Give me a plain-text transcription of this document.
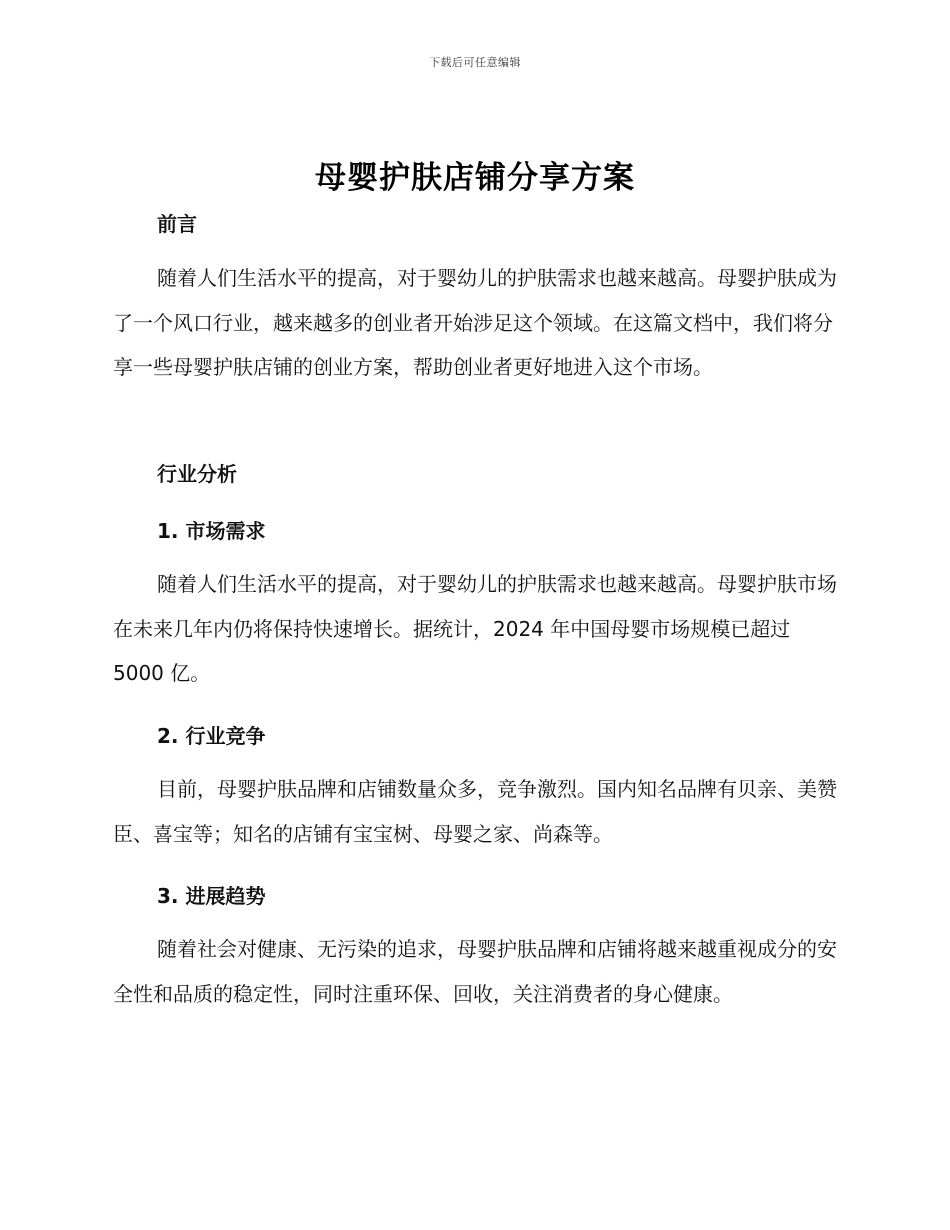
下载后可任意编辑
母婴护肤店铺分享方案
前言

随着人们生活水平的提高，对于婴幼儿的护肤需求也越来越高。母婴护肤成为了一个风口行业，越来越多的创业者开始涉足这个领域。在这篇文档中，我们将分享一些母婴护肤店铺的创业方案，帮助创业者更好地进入这个市场。

行业分析
1. 市场需求

随着人们生活水平的提高，对于婴幼儿的护肤需求也越来越高。母婴护肤市场在未来几年内仍将保持快速增长。据统计，2024 年中国母婴市场规模已超过 5000 亿。

2. 行业竞争

目前，母婴护肤品牌和店铺数量众多，竞争激烈。国内知名品牌有贝亲、美赞臣、喜宝等；知名的店铺有宝宝树、母婴之家、尚森等。

3. 进展趋势

随着社会对健康、无污染的追求，母婴护肤品牌和店铺将越来越重视成分的安全性和品质的稳定性，同时注重环保、回收，关注消费者的身心健康。
